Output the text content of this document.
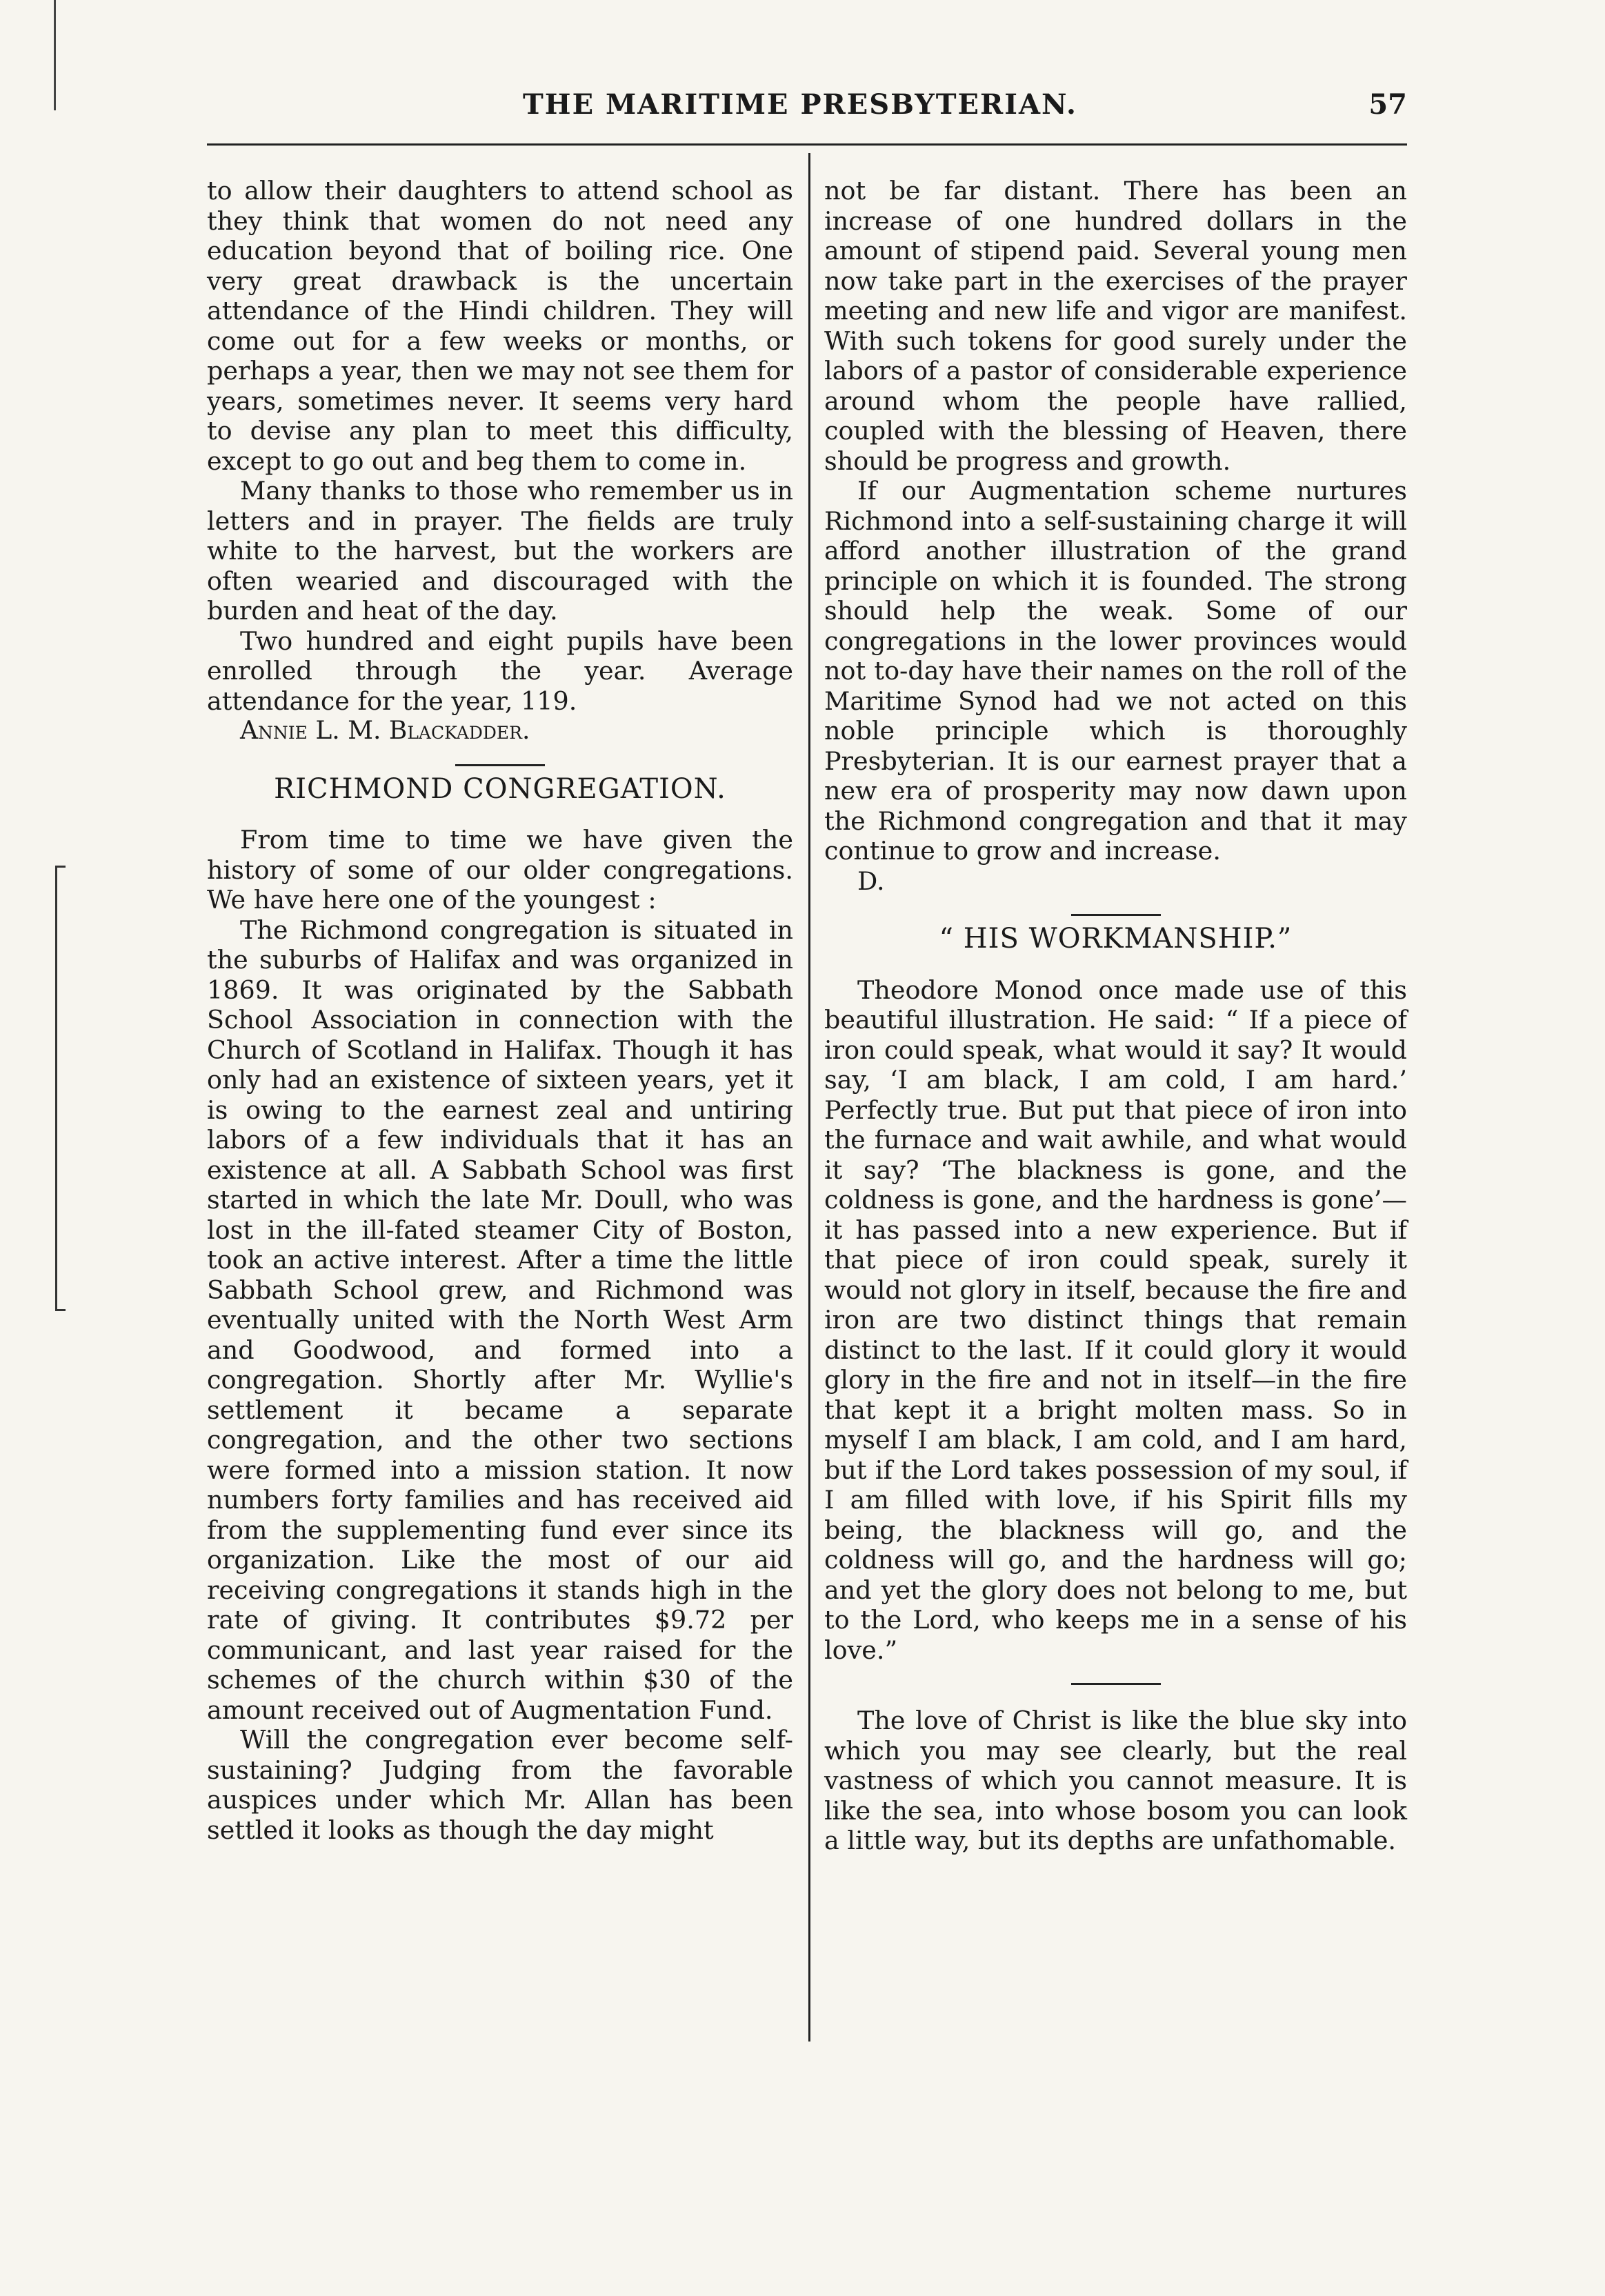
THE MARITIME PRESBYTERIAN.	57

to allow their daughters to attend school as they think that women do not need any education beyond that of boiling rice. One very great drawback is the uncertain attendance of the Hindi children. They will come out for a few weeks or months, or perhaps a year, then we may not see them for years, sometimes never. It seems very hard to devise any plan to meet this difficulty, except to go out and beg them to come in.

Many thanks to those who remember us in letters and in prayer. The fields are truly white to the harvest, but the workers are often wearied and discouraged with the burden and heat of the day.

Two hundred and eight pupils have been enrolled through the year. Average attendance for the year, 119.

Annie L. M. Blackadder.

RICHMOND CONGREGATION.

From time to time we have given the history of some of our older congregations. We have here one of the youngest :

The Richmond congregation is situated in the suburbs of Halifax and was organized in 1869. It was originated by the Sabbath School Association in connection with the Church of Scotland in Halifax. Though it has only had an existence of sixteen years, yet it is owing to the earnest zeal and untiring labors of a few individuals that it has an existence at all. A Sabbath School was first started in which the late Mr. Doull, who was lost in the ill-fated steamer City of Boston, took an active interest. After a time the little Sabbath School grew, and Richmond was eventually united with the North West Arm and Goodwood, and formed into a congregation. Shortly after Mr. Wyllie's settlement it became a separate congregation, and the other two sections were formed into a mission station. It now numbers forty families and has received aid from the supplementing fund ever since its organization. Like the most of our aid receiving congregations it stands high in the rate of giving. It contributes $9.72 per communicant, and last year raised for the schemes of the church within $30 of the amount received out of Augmentation Fund.

Will the congregation ever become self-sustaining? Judging from the favorable auspices under which Mr. Allan has been settled it looks as though the day might

not be far distant. There has been an increase of one hundred dollars in the amount of stipend paid. Several young men now take part in the exercises of the prayer meeting and new life and vigor are manifest. With such tokens for good surely under the labors of a pastor of considerable experience around whom the people have rallied, coupled with the blessing of Heaven, there should be progress and growth.

If our Augmentation scheme nurtures Richmond into a self-sustaining charge it will afford another illustration of the grand principle on which it is founded. The strong should help the weak. Some of our congregations in the lower provinces would not to-day have their names on the roll of the Maritime Synod had we not acted on this noble principle which is thoroughly Presbyterian. It is our earnest prayer that a new era of prosperity may now dawn upon the Richmond congregation and that it may continue to grow and increase.

D.

“ HIS WORKMANSHIP.”

Theodore Monod once made use of this beautiful illustration. He said: “ If a piece of iron could speak, what would it say? It would say, ‘I am black, I am cold, I am hard.’ Perfectly true. But put that piece of iron into the furnace and wait awhile, and what would it say? ‘The blackness is gone, and the coldness is gone, and the hardness is gone’—it has passed into a new experience. But if that piece of iron could speak, surely it would not glory in itself, because the fire and iron are two distinct things that remain distinct to the last. If it could glory it would glory in the fire and not in itself—in the fire that kept it a bright molten mass. So in myself I am black, I am cold, and I am hard, but if the Lord takes possession of my soul, if I am filled with love, if his Spirit fills my being, the blackness will go, and the coldness will go, and the hardness will go; and yet the glory does not belong to me, but to the Lord, who keeps me in a sense of his love.”

The love of Christ is like the blue sky into which you may see clearly, but the real vastness of which you cannot measure. It is like the sea, into whose bosom you can look a little way, but its depths are unfathomable.
